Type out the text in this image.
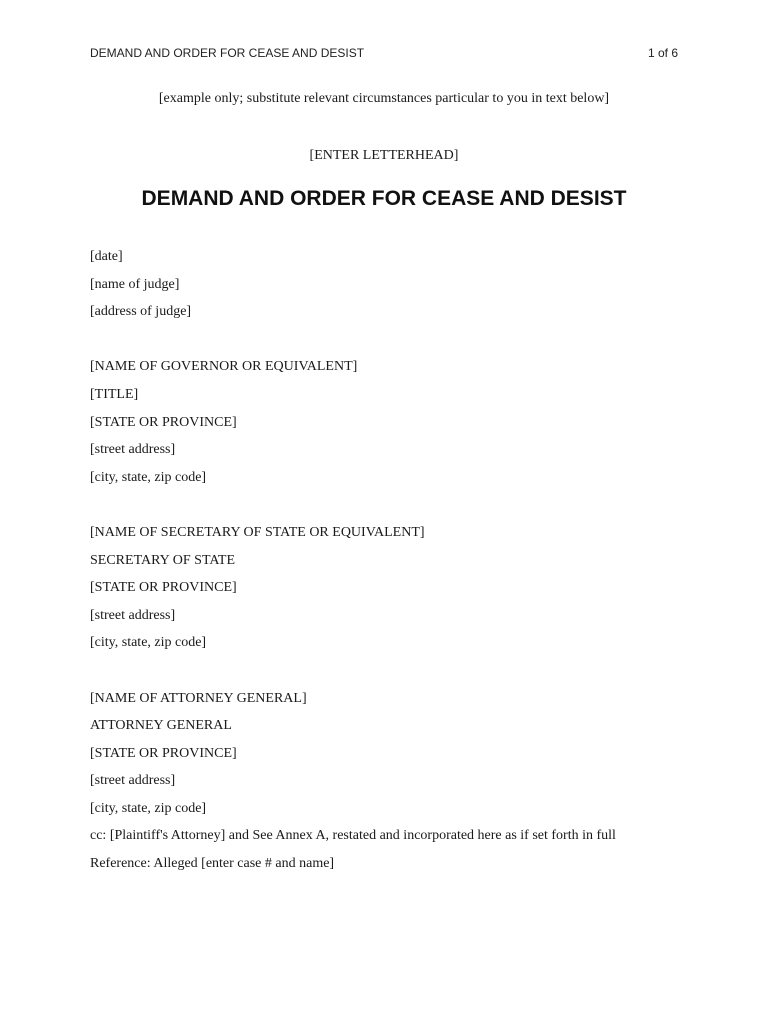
DEMAND AND ORDER FOR CEASE AND DESIST	1 of 6
[example only; substitute relevant circumstances particular to you in text below]
[ENTER LETTERHEAD]
DEMAND AND ORDER FOR CEASE AND DESIST
[date]
[name of judge]
[address of judge]
[NAME OF GOVERNOR OR EQUIVALENT]
[TITLE]
[STATE OR PROVINCE]
[street address]
[city, state, zip code]
[NAME OF SECRETARY OF STATE OR EQUIVALENT]
SECRETARY OF STATE
[STATE OR PROVINCE]
[street address]
[city, state, zip code]
[NAME OF ATTORNEY GENERAL]
ATTORNEY GENERAL
[STATE OR PROVINCE]
[street address]
[city, state, zip code]
cc: [Plaintiff's Attorney] and See Annex A, restated and incorporated here as if set forth in full
Reference: Alleged [enter case # and name]
